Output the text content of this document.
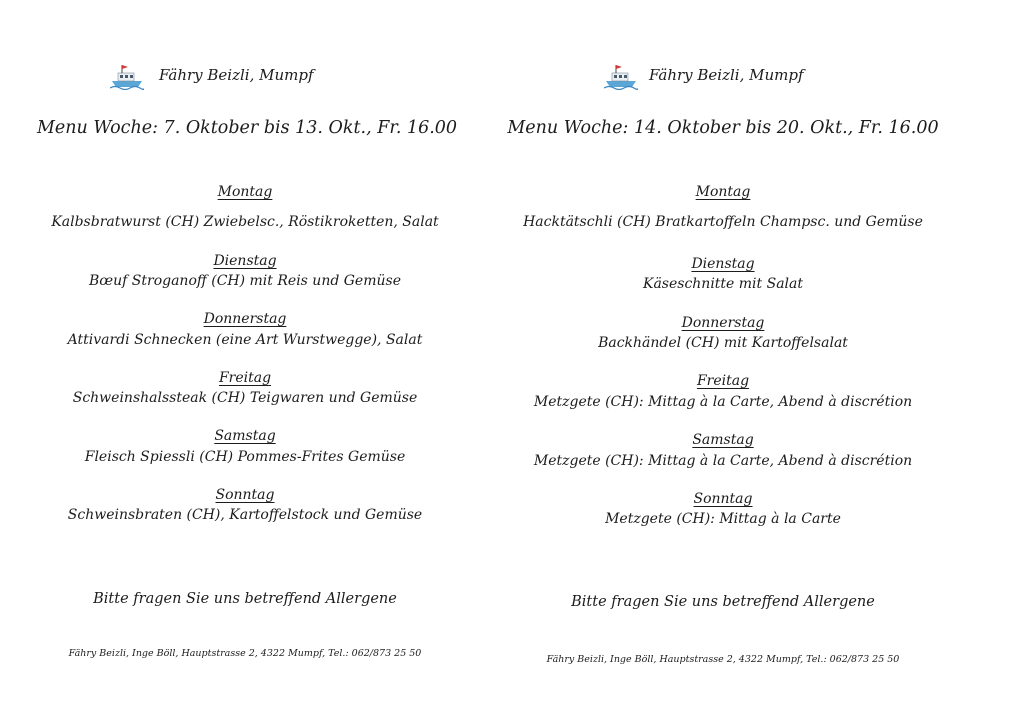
Fähry Beizli, Mumpf
Menu Woche: 7. Oktober bis 13. Okt., Fr. 16.00
Montag
Kalbsbratwurst (CH) Zwiebelsc., Röstikroketten, Salat
Dienstag
Bœuf Stroganoff (CH) mit Reis und Gemüse
Donnerstag
Attivardi Schnecken (eine Art Wurstwegge), Salat
Freitag
Schweinshalssteak (CH) Teigwaren und Gemüse
Samstag
Fleisch Spiessli (CH) Pommes-Frites Gemüse
Sonntag
Schweinsbraten (CH), Kartoffelstock und Gemüse
Bitte fragen Sie uns betreffend Allergene
Fähry Beizli, Inge Böll, Hauptstrasse 2, 4322 Mumpf, Tel.: 062/873 25 50
Fähry Beizli, Mumpf
Menu Woche: 14. Oktober bis 20. Okt., Fr. 16.00
Montag
Hacktätschli (CH) Bratkartoffeln Champsc. und Gemüse
Dienstag
Käseschnitte mit Salat
Donnerstag
Backhändel (CH) mit Kartoffelsalat
Freitag
Metzgete (CH): Mittag à la Carte, Abend à discrétion
Samstag
Metzgete (CH): Mittag à la Carte, Abend à discrétion
Sonntag
Metzgete (CH): Mittag à la Carte
Bitte fragen Sie uns betreffend Allergene
Fähry Beizli, Inge Böll, Hauptstrasse 2, 4322 Mumpf, Tel.: 062/873 25 50
